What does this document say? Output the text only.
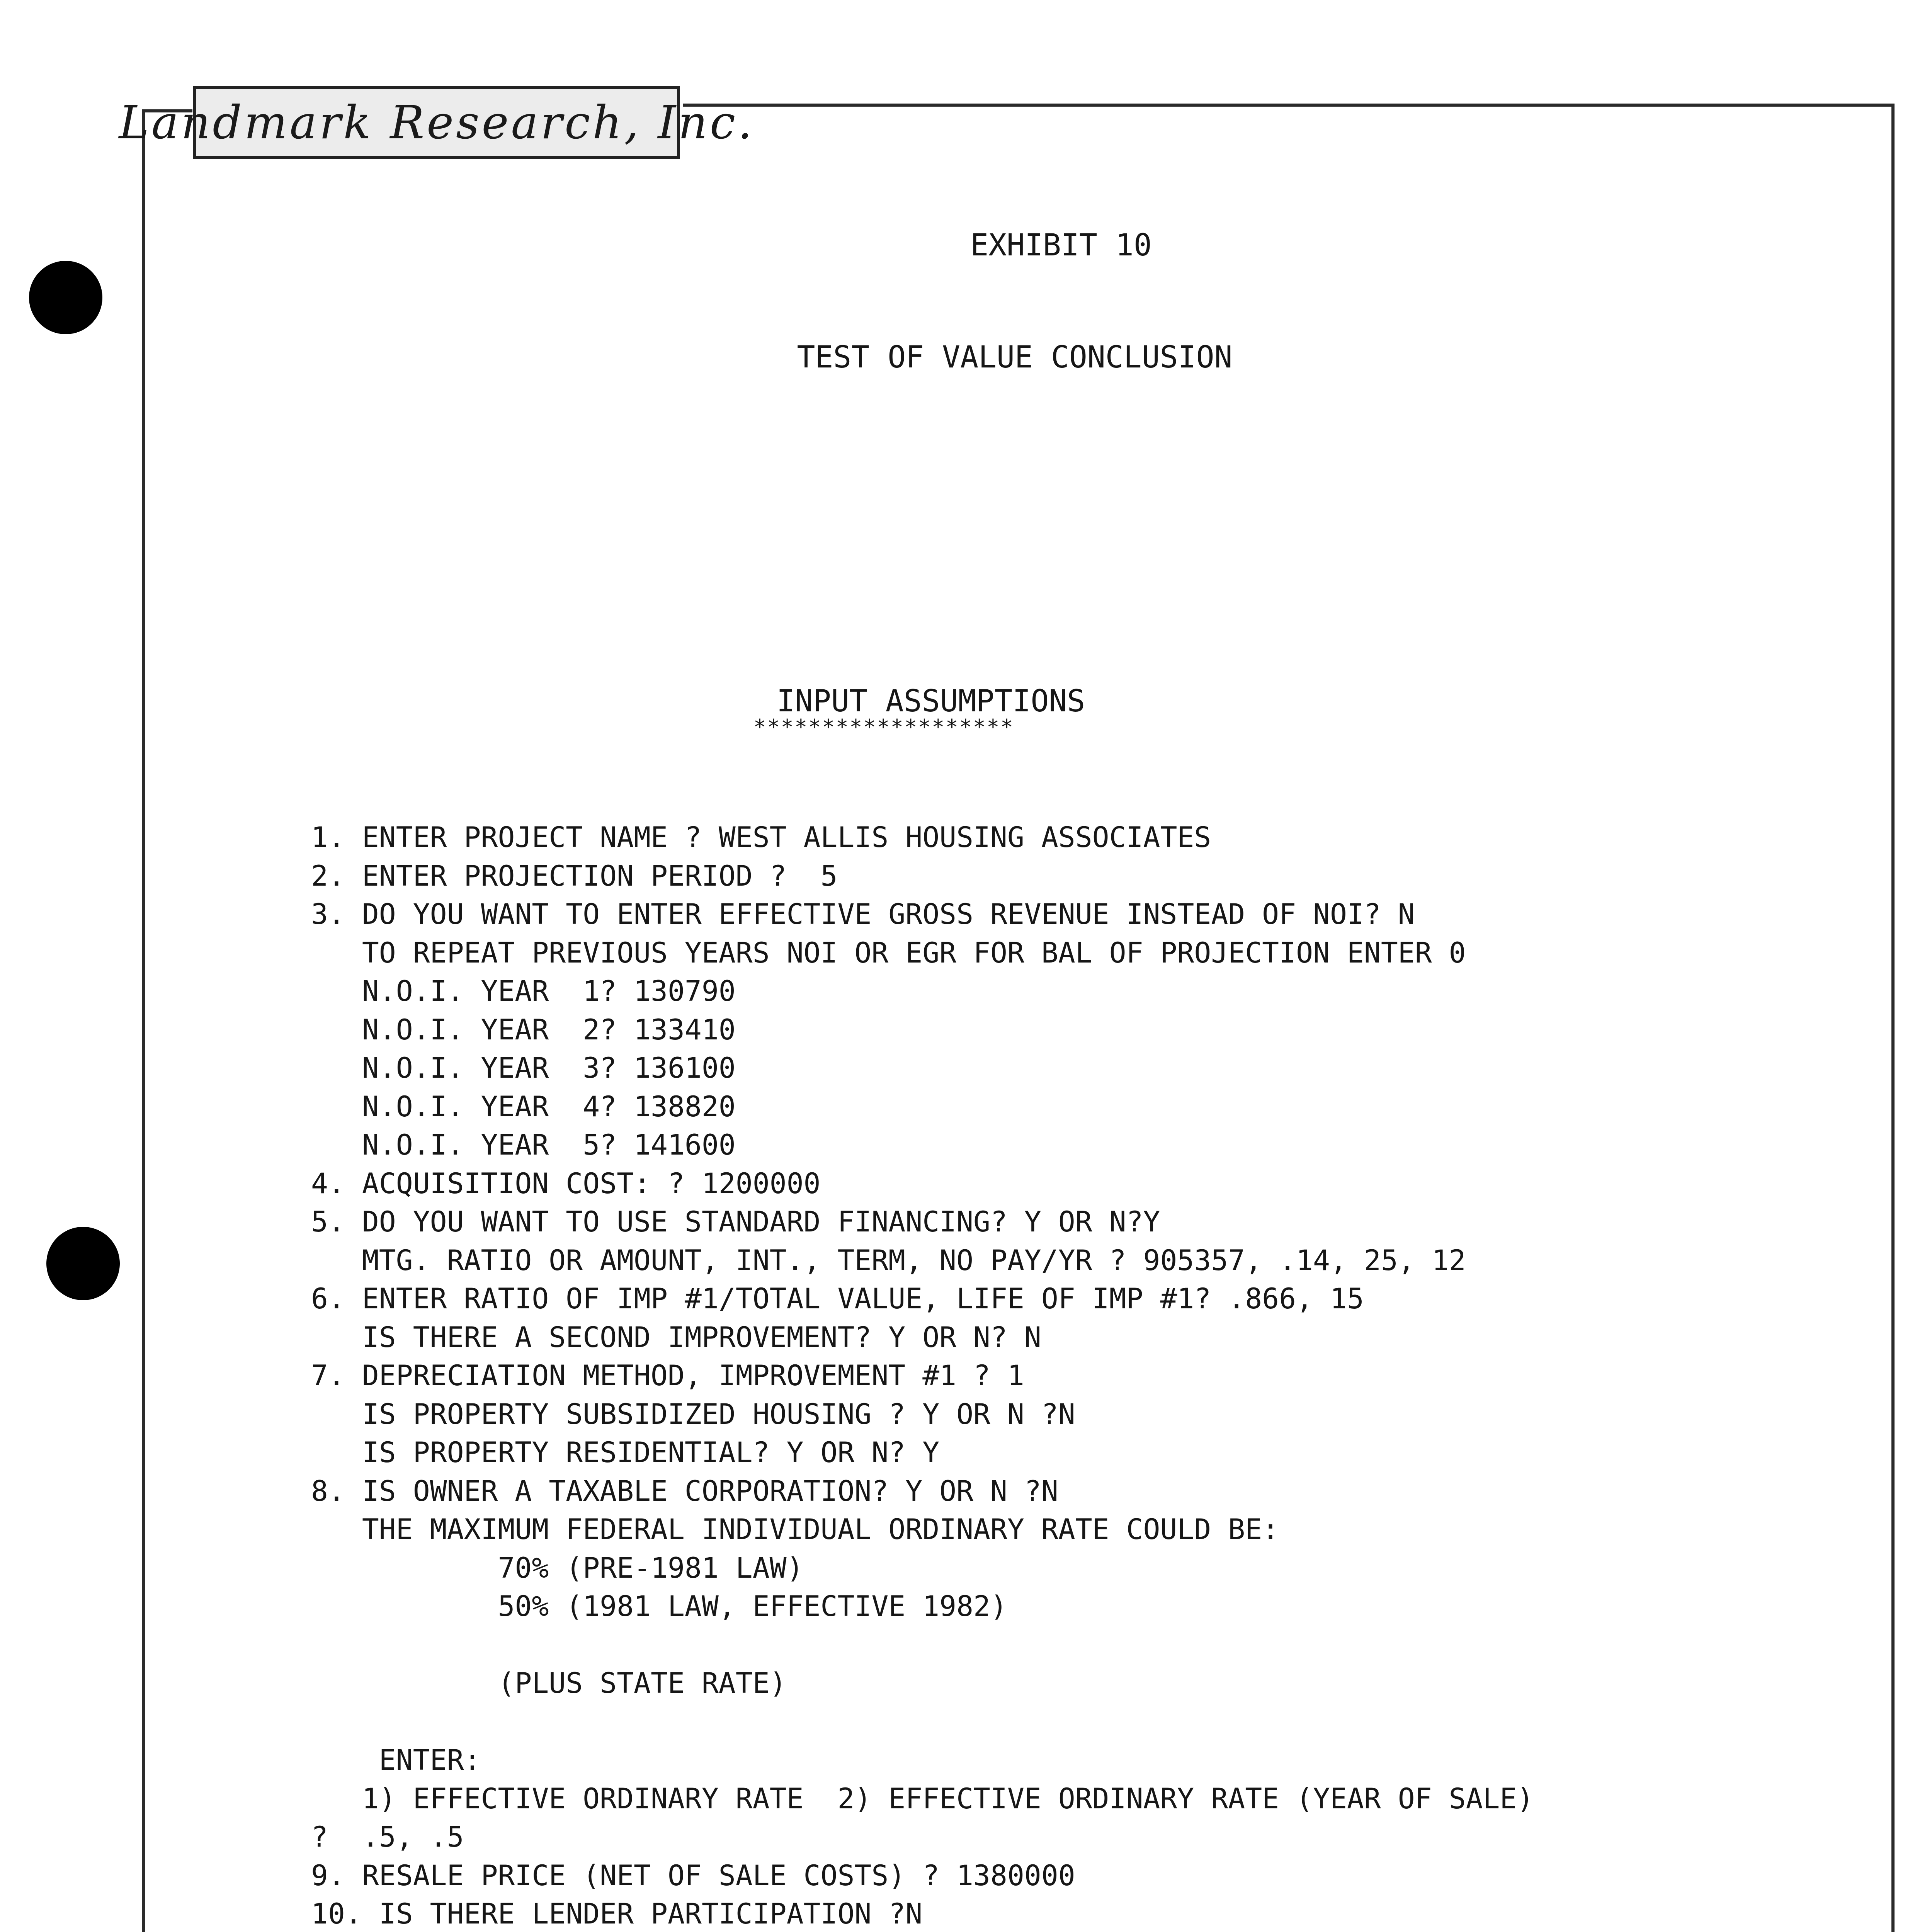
Landmark Research, Inc.
EXHIBIT 10
TEST OF VALUE CONCLUSION
INPUT ASSUMPTIONS
*******************
1. ENTER PROJECT NAME ? WEST ALLIS HOUSING ASSOCIATES
2. ENTER PROJECTION PERIOD ?  5
3. DO YOU WANT TO ENTER EFFECTIVE GROSS REVENUE INSTEAD OF NOI? N
TO REPEAT PREVIOUS YEARS NOI OR EGR FOR BAL OF PROJECTION ENTER 0
N.O.I. YEAR  1? 130790
N.O.I. YEAR  2? 133410
N.O.I. YEAR  3? 136100
N.O.I. YEAR  4? 138820
N.O.I. YEAR  5? 141600
4. ACQUISITION COST: ? 1200000
5. DO YOU WANT TO USE STANDARD FINANCING? Y OR N?Y
MTG. RATIO OR AMOUNT, INT., TERM, NO PAY/YR ? 905357, .14, 25, 12
6. ENTER RATIO OF IMP #1/TOTAL VALUE, LIFE OF IMP #1? .866, 15
IS THERE A SECOND IMPROVEMENT? Y OR N? N
7. DEPRECIATION METHOD, IMPROVEMENT #1 ? 1
IS PROPERTY SUBSIDIZED HOUSING ? Y OR N ?N
IS PROPERTY RESIDENTIAL? Y OR N? Y
8. IS OWNER A TAXABLE CORPORATION? Y OR N ?N
THE MAXIMUM FEDERAL INDIVIDUAL ORDINARY RATE COULD BE:
70% (PRE-1981 LAW)
50% (1981 LAW, EFFECTIVE 1982)
(PLUS STATE RATE)
ENTER:
1) EFFECTIVE ORDINARY RATE  2) EFFECTIVE ORDINARY RATE (YEAR OF SALE)
?  .5, .5
9. RESALE PRICE (NET OF SALE COSTS) ? 1380000
10. IS THERE LENDER PARTICIPATION ?N
